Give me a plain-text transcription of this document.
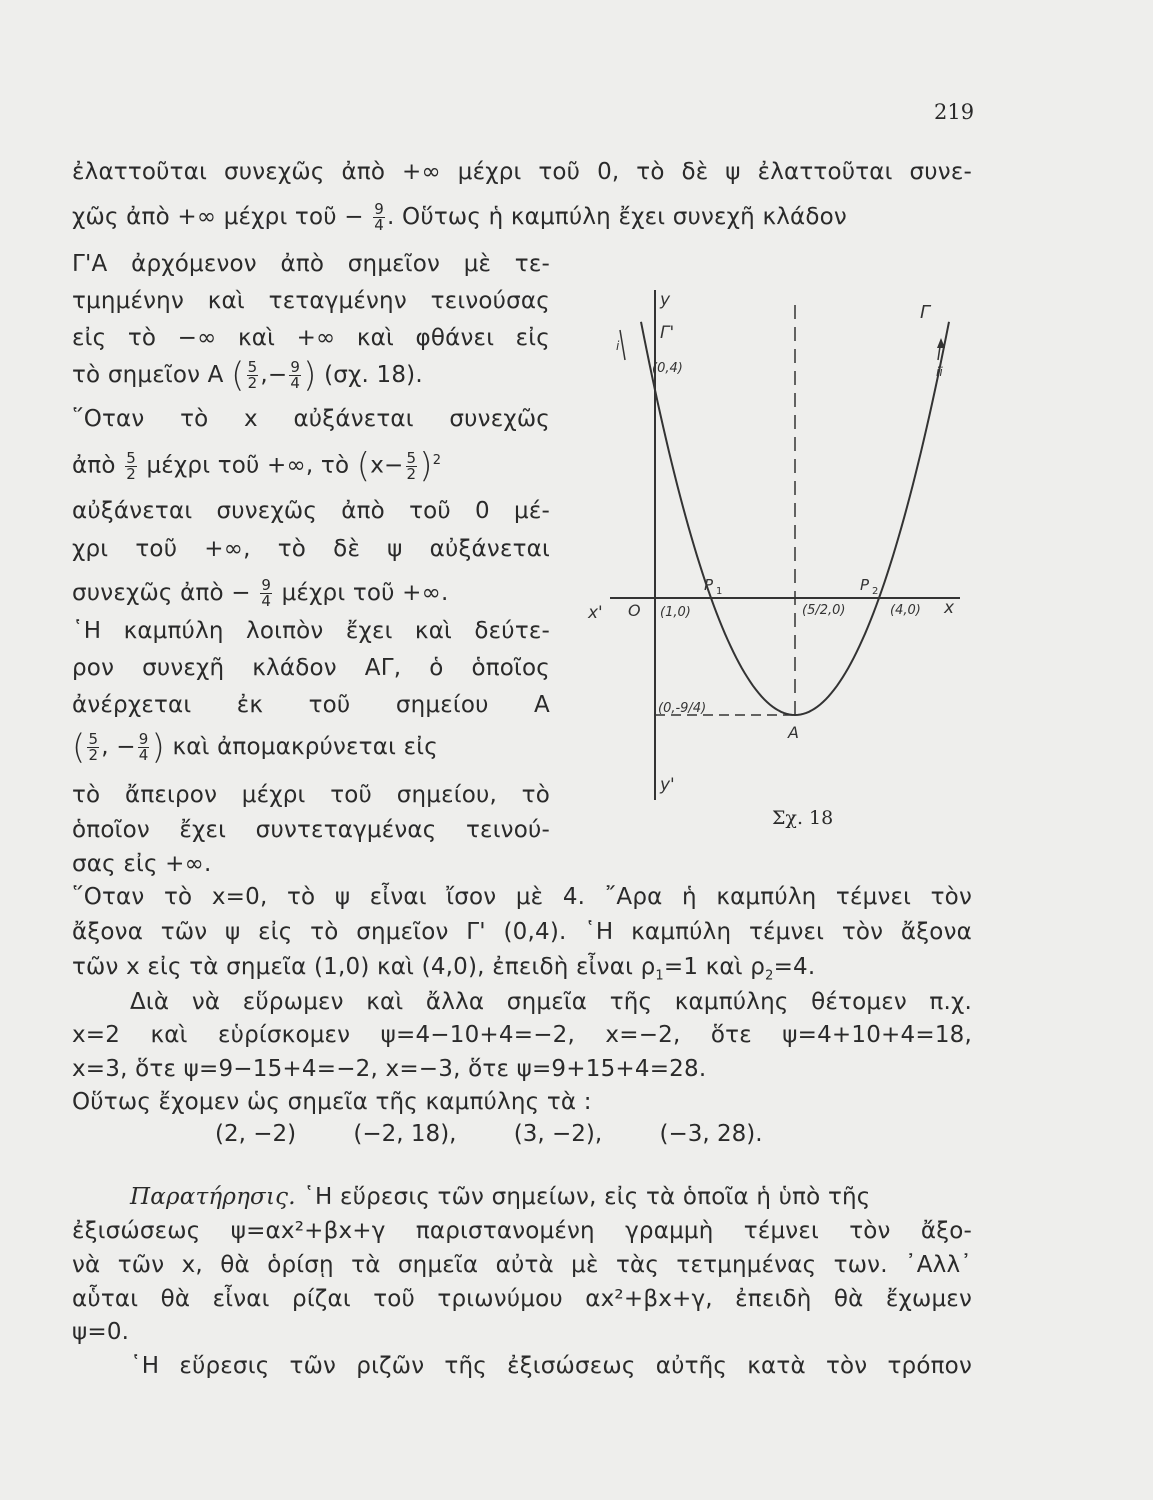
219
ἐλαττοῦται συνεχῶς ἀπὸ +∞ μέχρι τοῦ 0, τὸ δὲ ψ ἐλαττοῦται συνε-
χῶς ἀπὸ +∞ μέχρι τοῦ − $\frac{9}{4}$ . Οὕτως ἡ καμπύλη ἔχει συνεχῆ κλάδον
Γ'Α ἀρχόμενον ἀπὸ σημεῖον μὲ τε-
τμημένην καὶ τεταγμένην τεινούσας
εἰς τὸ −∞ καὶ +∞ καὶ φθάνει εἰς
τὸ σημεῖον Α ( $\frac{5}{2}$ ,− $\frac{9}{4}$ ) (σχ. 18).
῞Οταν τὸ x αὐξάνεται συνεχῶς
ἀπὸ $\frac{5}{2}$ μέχρι τοῦ +∞, τὸ $(x- \frac{5}{2} )^2$
αὐξάνεται συνεχῶς ἀπὸ τοῦ 0 μέ-
χρι τοῦ +∞, τὸ δὲ ψ αὐξάνεται
συνεχῶς ἀπὸ − $\frac{9}{4}$ μέχρι τοῦ +∞.
῾Η καμπύλη λοιπὸν ἔχει καὶ δεύτε-
ρον συνεχῆ κλάδον ΑΓ, ὁ ὁποῖος
ἀνέρχεται ἐκ τοῦ σημείου Α
( $\frac{5}{2}$ , − $\frac{9}{4}$ ) καὶ ἀπομακρύνεται εἰς
τὸ ἄπειρον μέχρι τοῦ σημείου, τὸ
ὁποῖον ἔχει συντεταγμένας τεινού-
σας εἰς +∞.
῞Οταν τὸ x=0, τὸ ψ εἶναι ἴσον μὲ 4. ῎Αρα ἡ καμπύλη τέμνει τὸν
ἄξονα τῶν ψ εἰς τὸ σημεῖον Γ' (0,4). ῾Η καμπύλη τέμνει τὸν ἄξονα
τῶν x εἰς τὰ σημεῖα (1,0) καὶ (4,0), ἐπειδὴ εἶναι $\rho_1=1$ καὶ $\rho_2=4$.
Διὰ νὰ εὕρωμεν καὶ ἄλλα σημεῖα τῆς καμπύλης θέτομεν π.χ.
x=2 καὶ εὑρίσκομεν ψ=4−10+4=−2, x=−2, ὅτε ψ=4+10+4=18,
x=3, ὅτε ψ=9−15+4=−2, x=−3, ὅτε ψ=9+15+4=28.
Οὕτως ἔχομεν ὡς σημεῖα τῆς καμπύλης τὰ :
(2, −2) (−2, 18), (3, −2), (−3, 28).
Παρατήρησις. ῾Η εὕρεσις τῶν σημείων, εἰς τὰ ὁποῖα ἡ ὑπὸ τῆς
ἐξισώσεως ψ=αx²+βx+γ παριστανομένη γραμμὴ τέμνει τὸν ἄξο-
νὰ τῶν x, θὰ ὁρίσῃ τὰ σημεῖα αὐτὰ μὲ τὰς τετμημένας των. ᾿Αλλ᾿
αὗται θὰ εἶναι ρίζαι τοῦ τριωνύμου αx²+βx+γ, ἐπειδὴ θὰ ἔχωμεν
ψ=0.
῾Η εὕρεσις τῶν ριζῶν τῆς ἐξισώσεως αὐτῆς κατὰ τὸν τρόπον
y
y'
x
x' O
Γ
Γ'
(0,4)
(1,0)	(5/2,0)	(4,0)
(0,-9/4)
A
P 1	P 2
i
ii
Σχ. 18
